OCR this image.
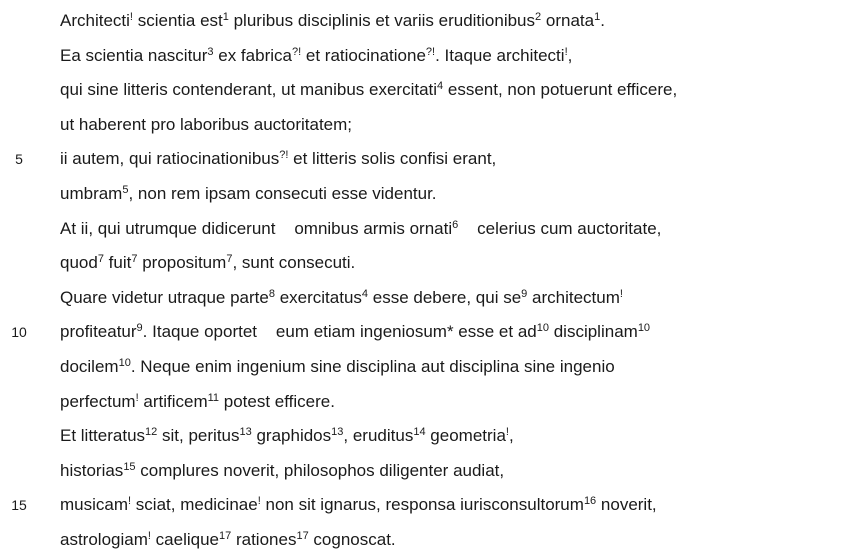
Architecti! scientia est$^1$ pluribus disciplinis et variis eruditionibus$^2$ ornata$^1$.
Ea scientia nascitur$^3$ ex fabrica?! et ratiocinatione?!. Itaque architecti!,
qui sine litteris contenderant, ut manibus exercitati$^4$ essent, non potuerunt efficere,
ut haberent pro laboribus auctoritatem;
5	ii autem, qui ratiocinationibus?! et litteris solis confisi erant,
umbram$^5$, non rem ipsam consecuti esse videntur.
At ii, qui utrumque didicerunt    omnibus armis ornati$^6$    celerius cum auctoritate,
quod$^7$ fuit$^7$ propositum$^7$, sunt consecuti.
Quare videtur utraque parte$^8$ exercitatus$^4$ esse debere, qui $se^9$ architectum!
10	profiteatur$^9$. Itaque oportet    eum etiam ingeniosum* esse et $ad^{10}$ disciplinam$^{10}$
docilem$^{10}$. Neque enim ingenium sine disciplina aut disciplina sine ingenio
perfectum! artificem$^{11}$ potest efficere.
Et litteratus$^{12}$ sit, peritus$^{13}$ graphidos$^{13}$, eruditus$^{14}$ geometria!,
historias$^{15}$ complures noverit, philosophos diligenter audiat,
15	musicam! sciat, medicinae! non sit ignarus, responsa iurisconsultorum$^{16}$ noverit,
astrologiam! caelique$^{17}$ rationes$^{17}$ cognoscat.
